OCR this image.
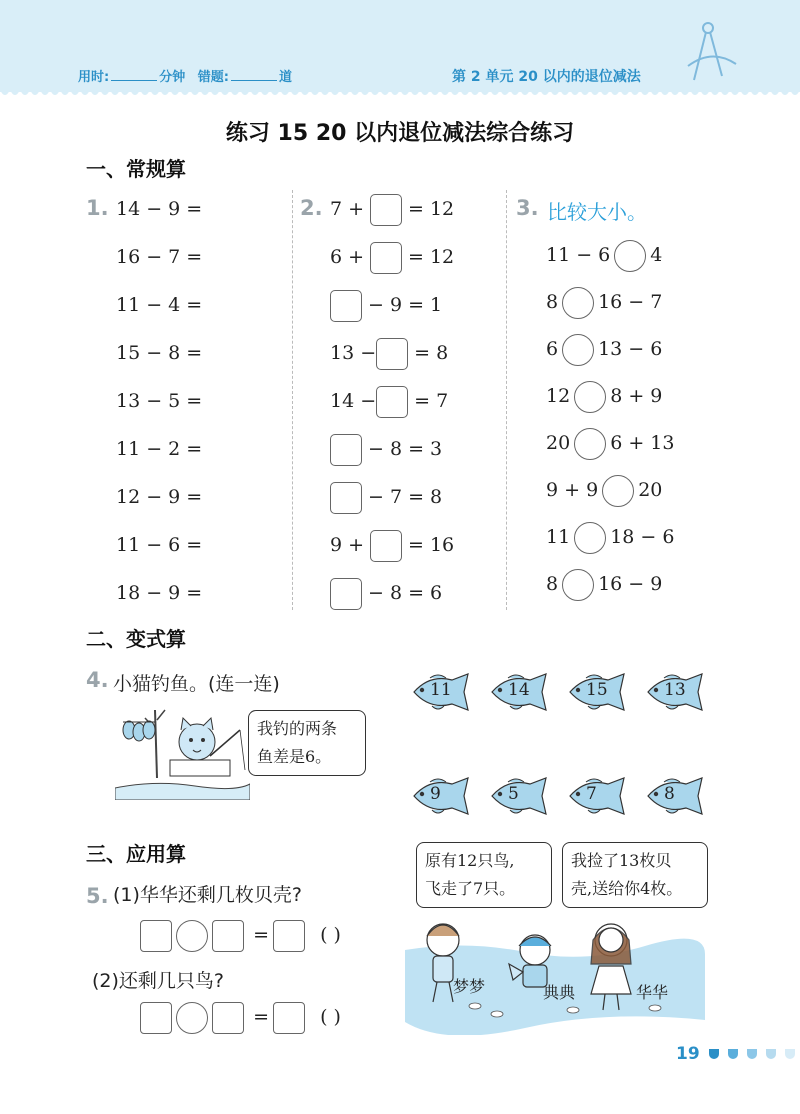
用时:	分钟 错题:	道	第 2 单元 20 以内的退位减法
练习 15 20 以内退位减法综合练习
一、常规算
1. 14 − 9 =
16 − 7 =
11 − 4 =
15 − 8 =
13 − 5 =
11 − 2 =
12 − 9 =
11 − 6 =
18 − 9 =
2. 7 + = 12
6 + = 12
− 9 = 1
13 − = 8
14 − = 7
− 8 = 3
− 7 = 8
9 + = 16
− 8 = 6
3. 比较大小。
11 − 6 4
8 16 − 7
6 13 − 6
12 8 + 9
20 6 + 13
9 + 9 20
11 18 − 6
8 16 − 9
二、变式算
4. 小猫钓鱼。(连一连)
我钓的两条
鱼差是6。
11	14	15	13
9	5	7	8
三、应用算
5. (1)华华还剩几枚贝壳?
=	( )
(2)还剩几只鸟?
=	( )
原有12只鸟,
飞走了7只。
我捡了13枚贝
壳,送给你4枚。
梦梦	典典	华华
19
